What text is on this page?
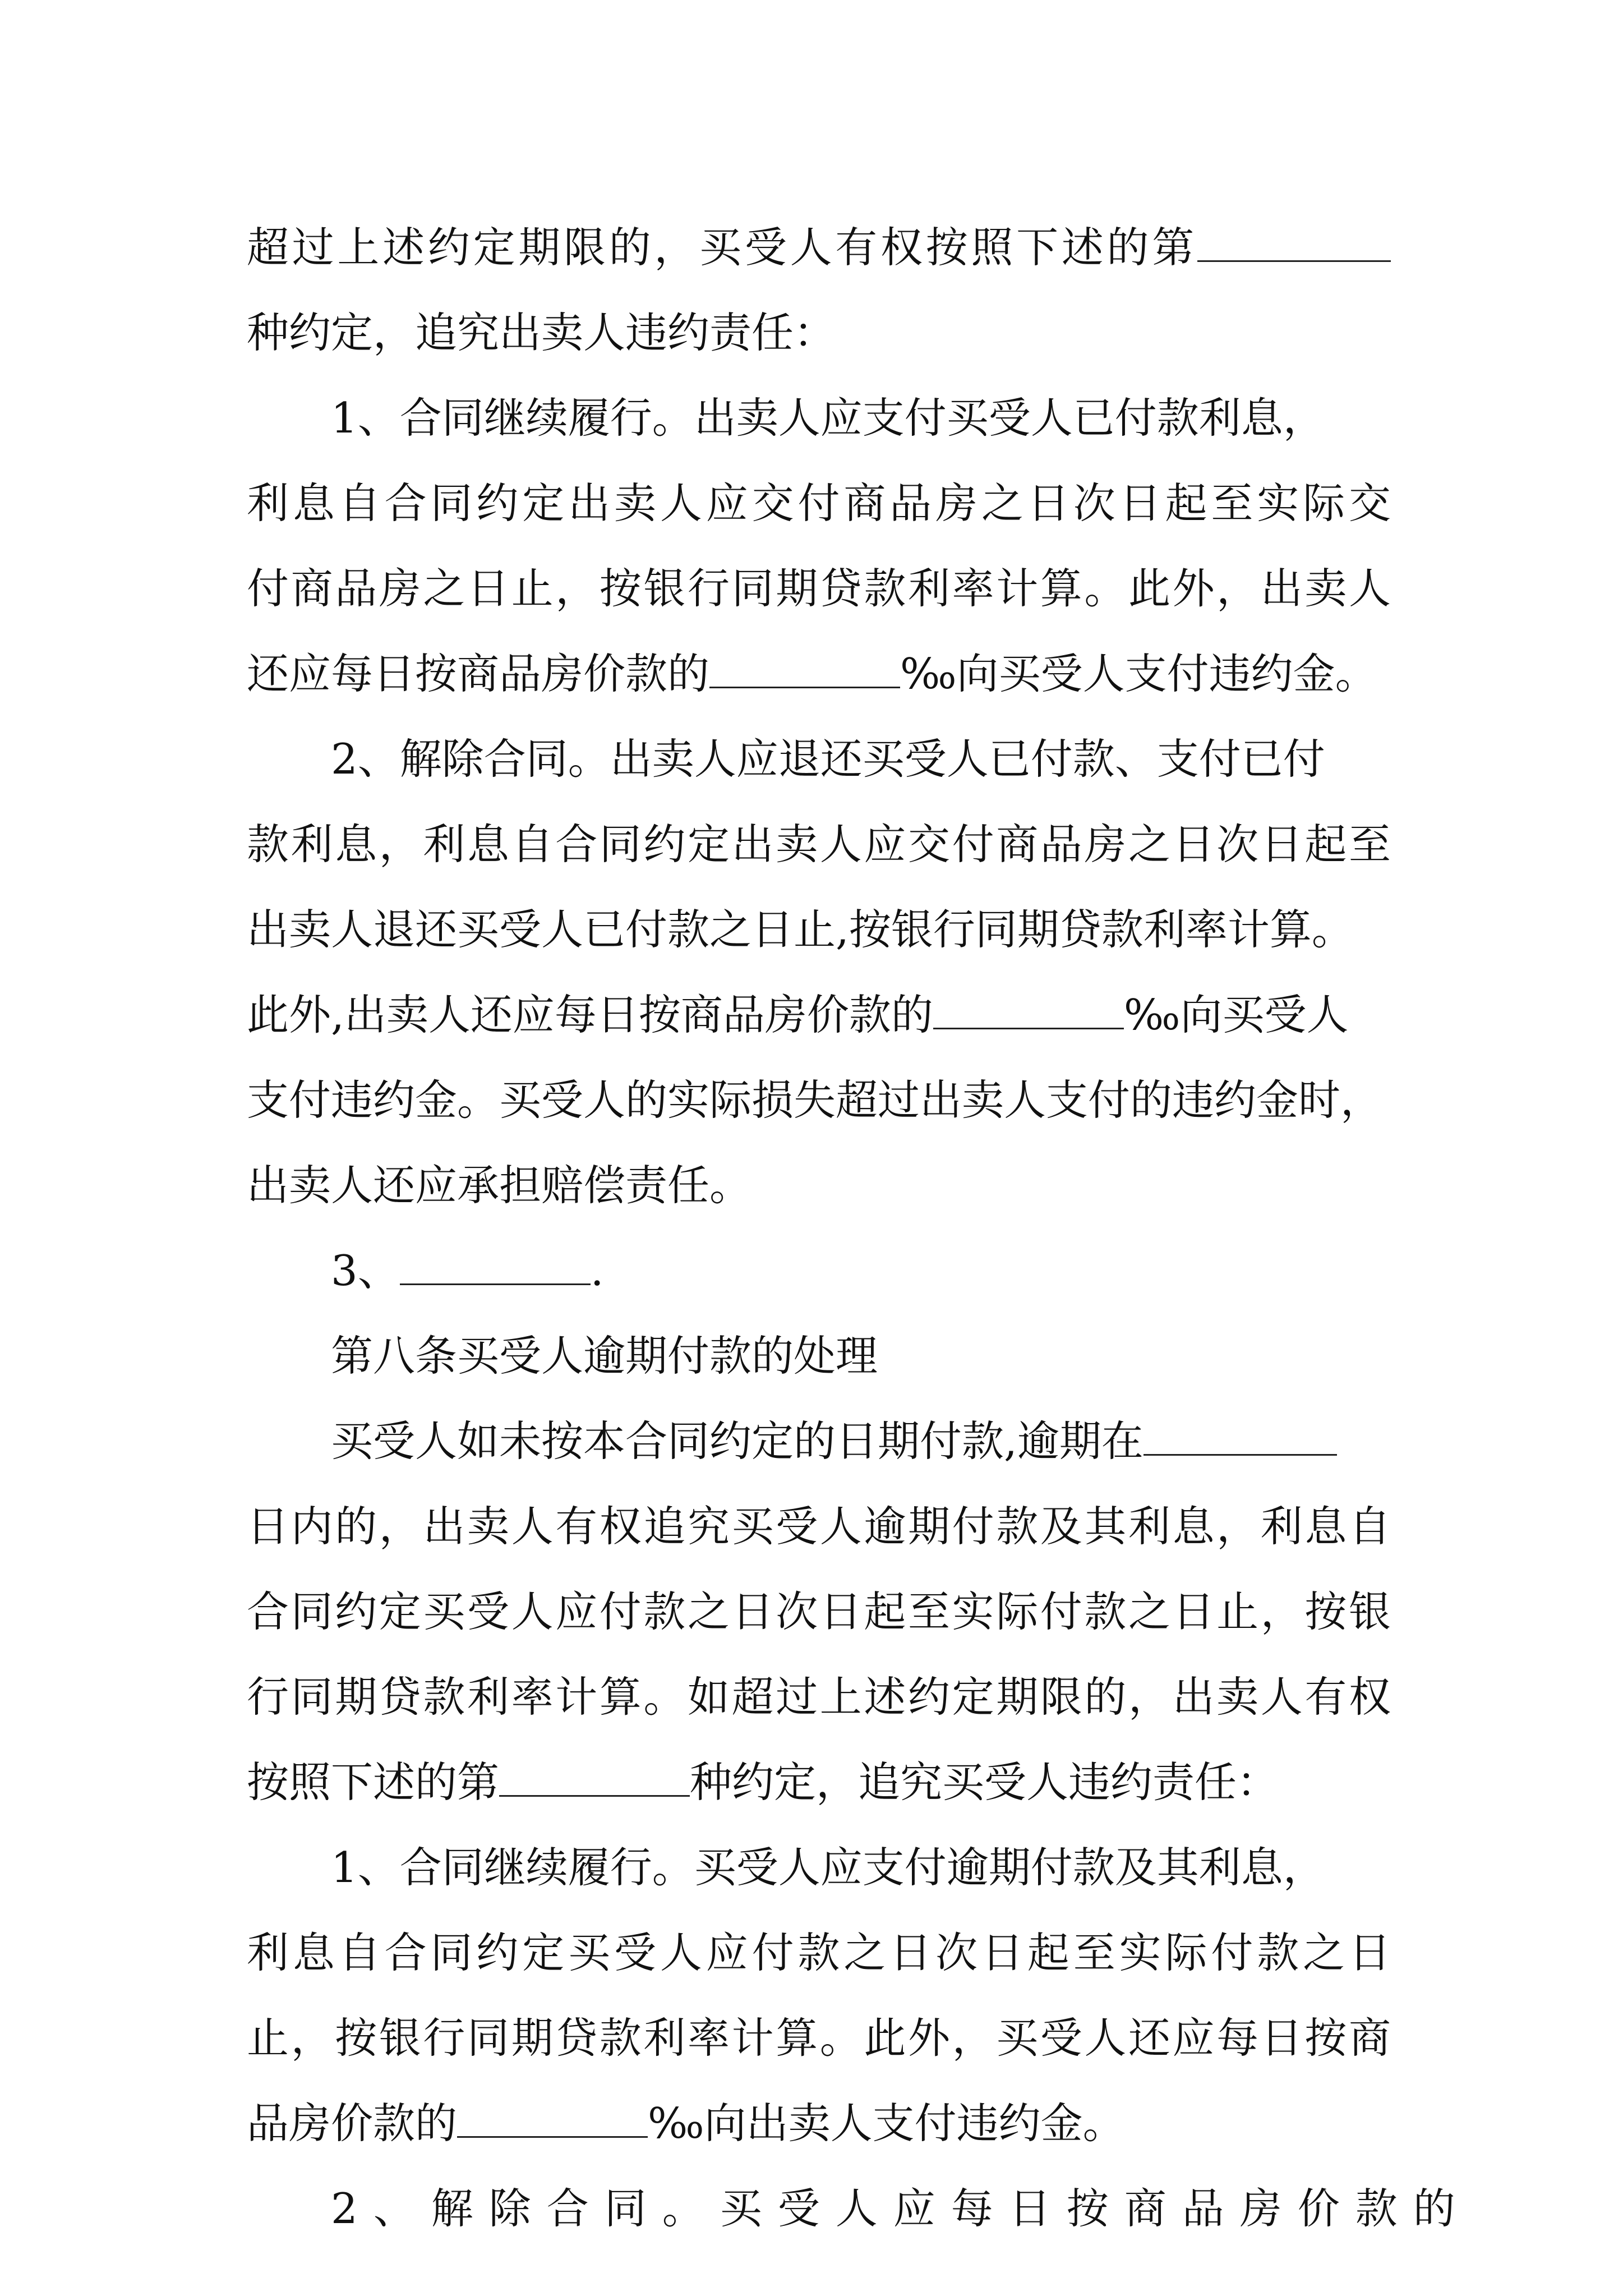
超过上述约定期限的，买受人有权按照下述的第
种约定，追究出卖人违约责任：
1、合同继续履行。出卖人应支付买受人已付款利息，
利息自合同约定出卖人应交付商品房之日次日起至实际交
付商品房之日止，按银行同期贷款利率计算。此外，出卖人
还应每日按商品房价款的	‰向买受人支付违约金。
2、解除合同。出卖人应退还买受人已付款、支付已付
款利息，利息自合同约定出卖人应交付商品房之日次日起至
出卖人退还买受人已付款之日止,按银行同期贷款利率计算。
此外,出卖人还应每日按商品房价款的	‰向买受人
支付违约金。买受人的实际损失超过出卖人支付的违约金时，
出卖人还应承担赔偿责任。
3、	.
第八条买受人逾期付款的处理
买受人如未按本合同约定的日期付款,逾期在
日内的，出卖人有权追究买受人逾期付款及其利息，利息自
合同约定买受人应付款之日次日起至实际付款之日止，按银
行同期贷款利率计算。如超过上述约定期限的，出卖人有权
按照下述的第	种约定，追究买受人违约责任：
1、合同继续履行。买受人应支付逾期付款及其利息，
利息自合同约定买受人应付款之日次日起至实际付款之日
止，按银行同期贷款利率计算。此外，买受人还应每日按商
品房价款的	‰向出卖人支付违约金。
2、解除合同。买受人应每日按商品房价款的
